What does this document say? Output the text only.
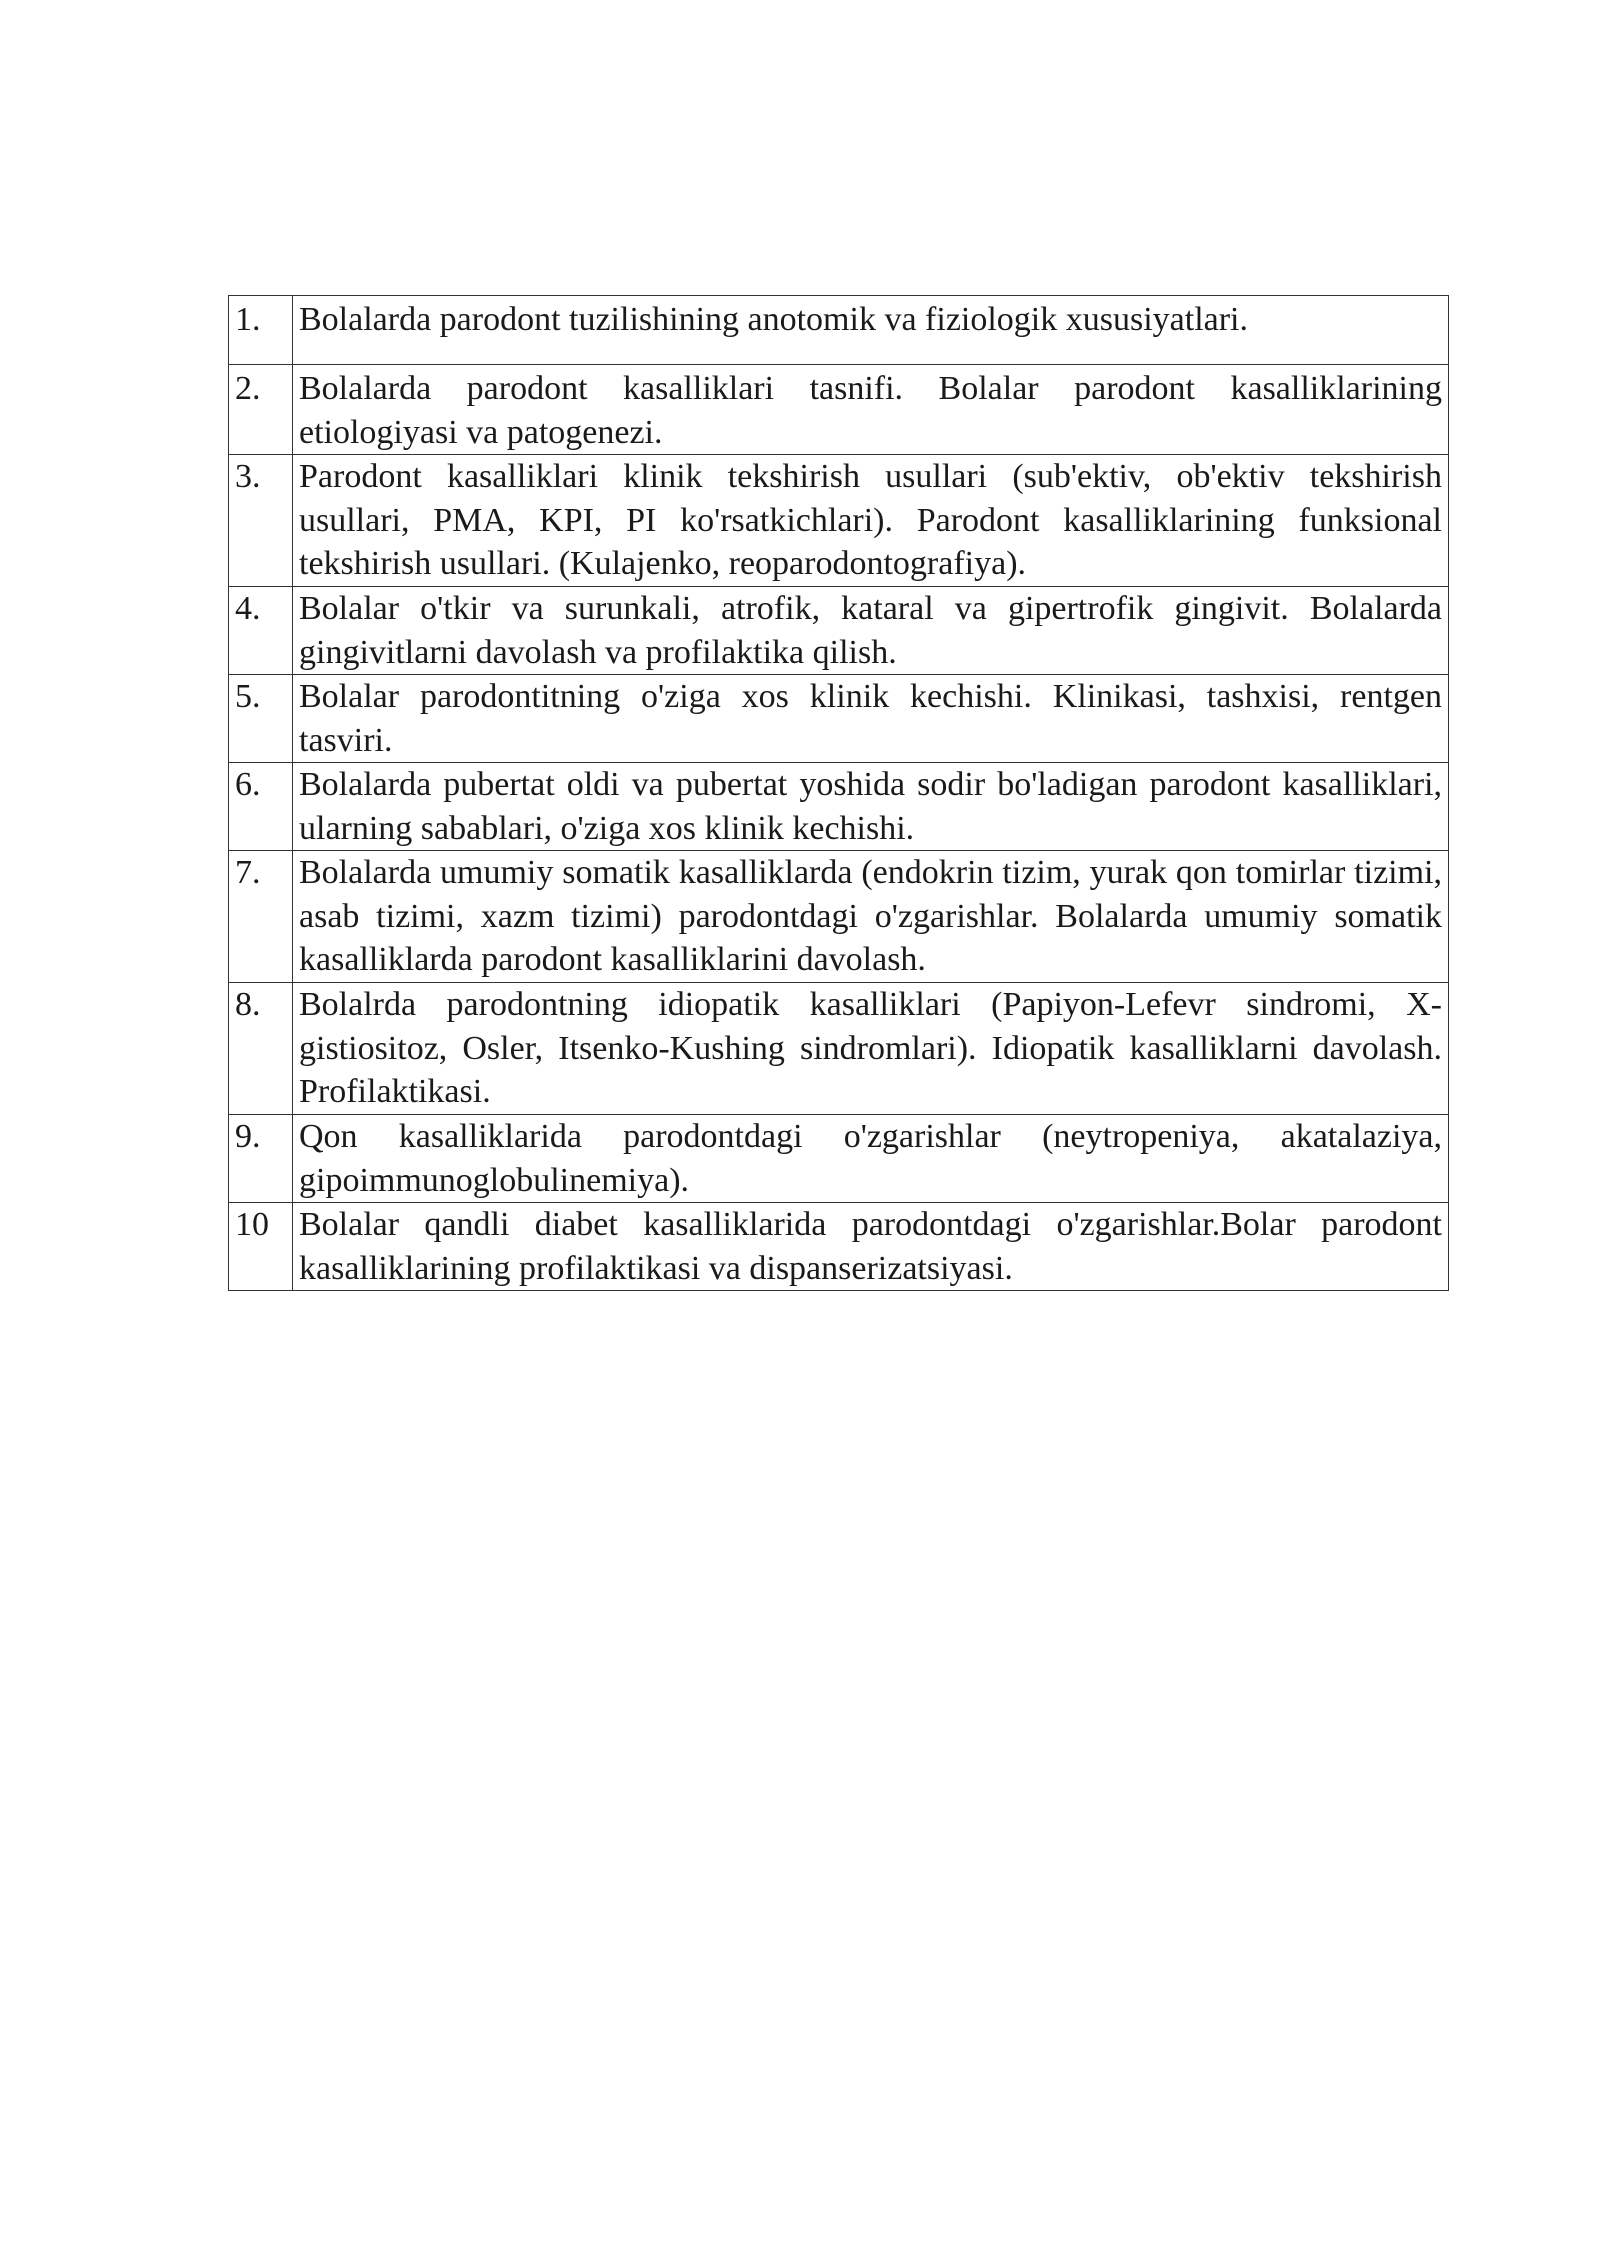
1.	Bolalarda parodont tuzilishining anotomik va fiziologik xususiyatlari.
2.	Bolalarda parodont kasalliklari tasnifi. Bolalar parodont kasalliklarining etiologiyasi va patogenezi.
3.	Parodont kasalliklari klinik tekshirish usullari (sub'ektiv, ob'ektiv tekshirish usullari, PMA, KPI, PI ko'rsatkichlari). Parodont kasalliklarining funksional tekshirish usullari. (Kulajenko, reoparodontografiya).
4.	Bolalar o'tkir va surunkali, atrofik, kataral va gipertrofik gingivit. Bolalarda gingivitlarni davolash va profilaktika qilish.
5.	Bolalar parodontitning o'ziga xos klinik kechishi. Klinikasi, tashxisi, rentgen tasviri.
6.	Bolalarda pubertat oldi va pubertat yoshida sodir bo'ladigan parodont kasalliklari, ularning sabablari, o'ziga xos klinik kechishi.
7.	Bolalarda umumiy somatik kasalliklarda (endokrin tizim, yurak qon tomirlar tizimi, asab tizimi, xazm tizimi) parodontdagi o'zgarishlar. Bolalarda umumiy somatik kasalliklarda parodont kasalliklarini davolash.
8.	Bolalrda parodontning idiopatik kasalliklari (Papiyon-Lefevr sindromi, X-gistiositoz, Osler, Itsenko-Kushing sindromlari). Idiopatik kasalliklarni davolash. Profilaktikasi.
9.	Qon kasalliklarida parodontdagi o'zgarishlar (neytropeniya, akatalaziya, gipoimmunoglobulinemiya).
10	Bolalar qandli diabet kasalliklarida parodontdagi o'zgarishlar.Bolar parodont kasalliklarining profilaktikasi va dispanserizatsiyasi.
